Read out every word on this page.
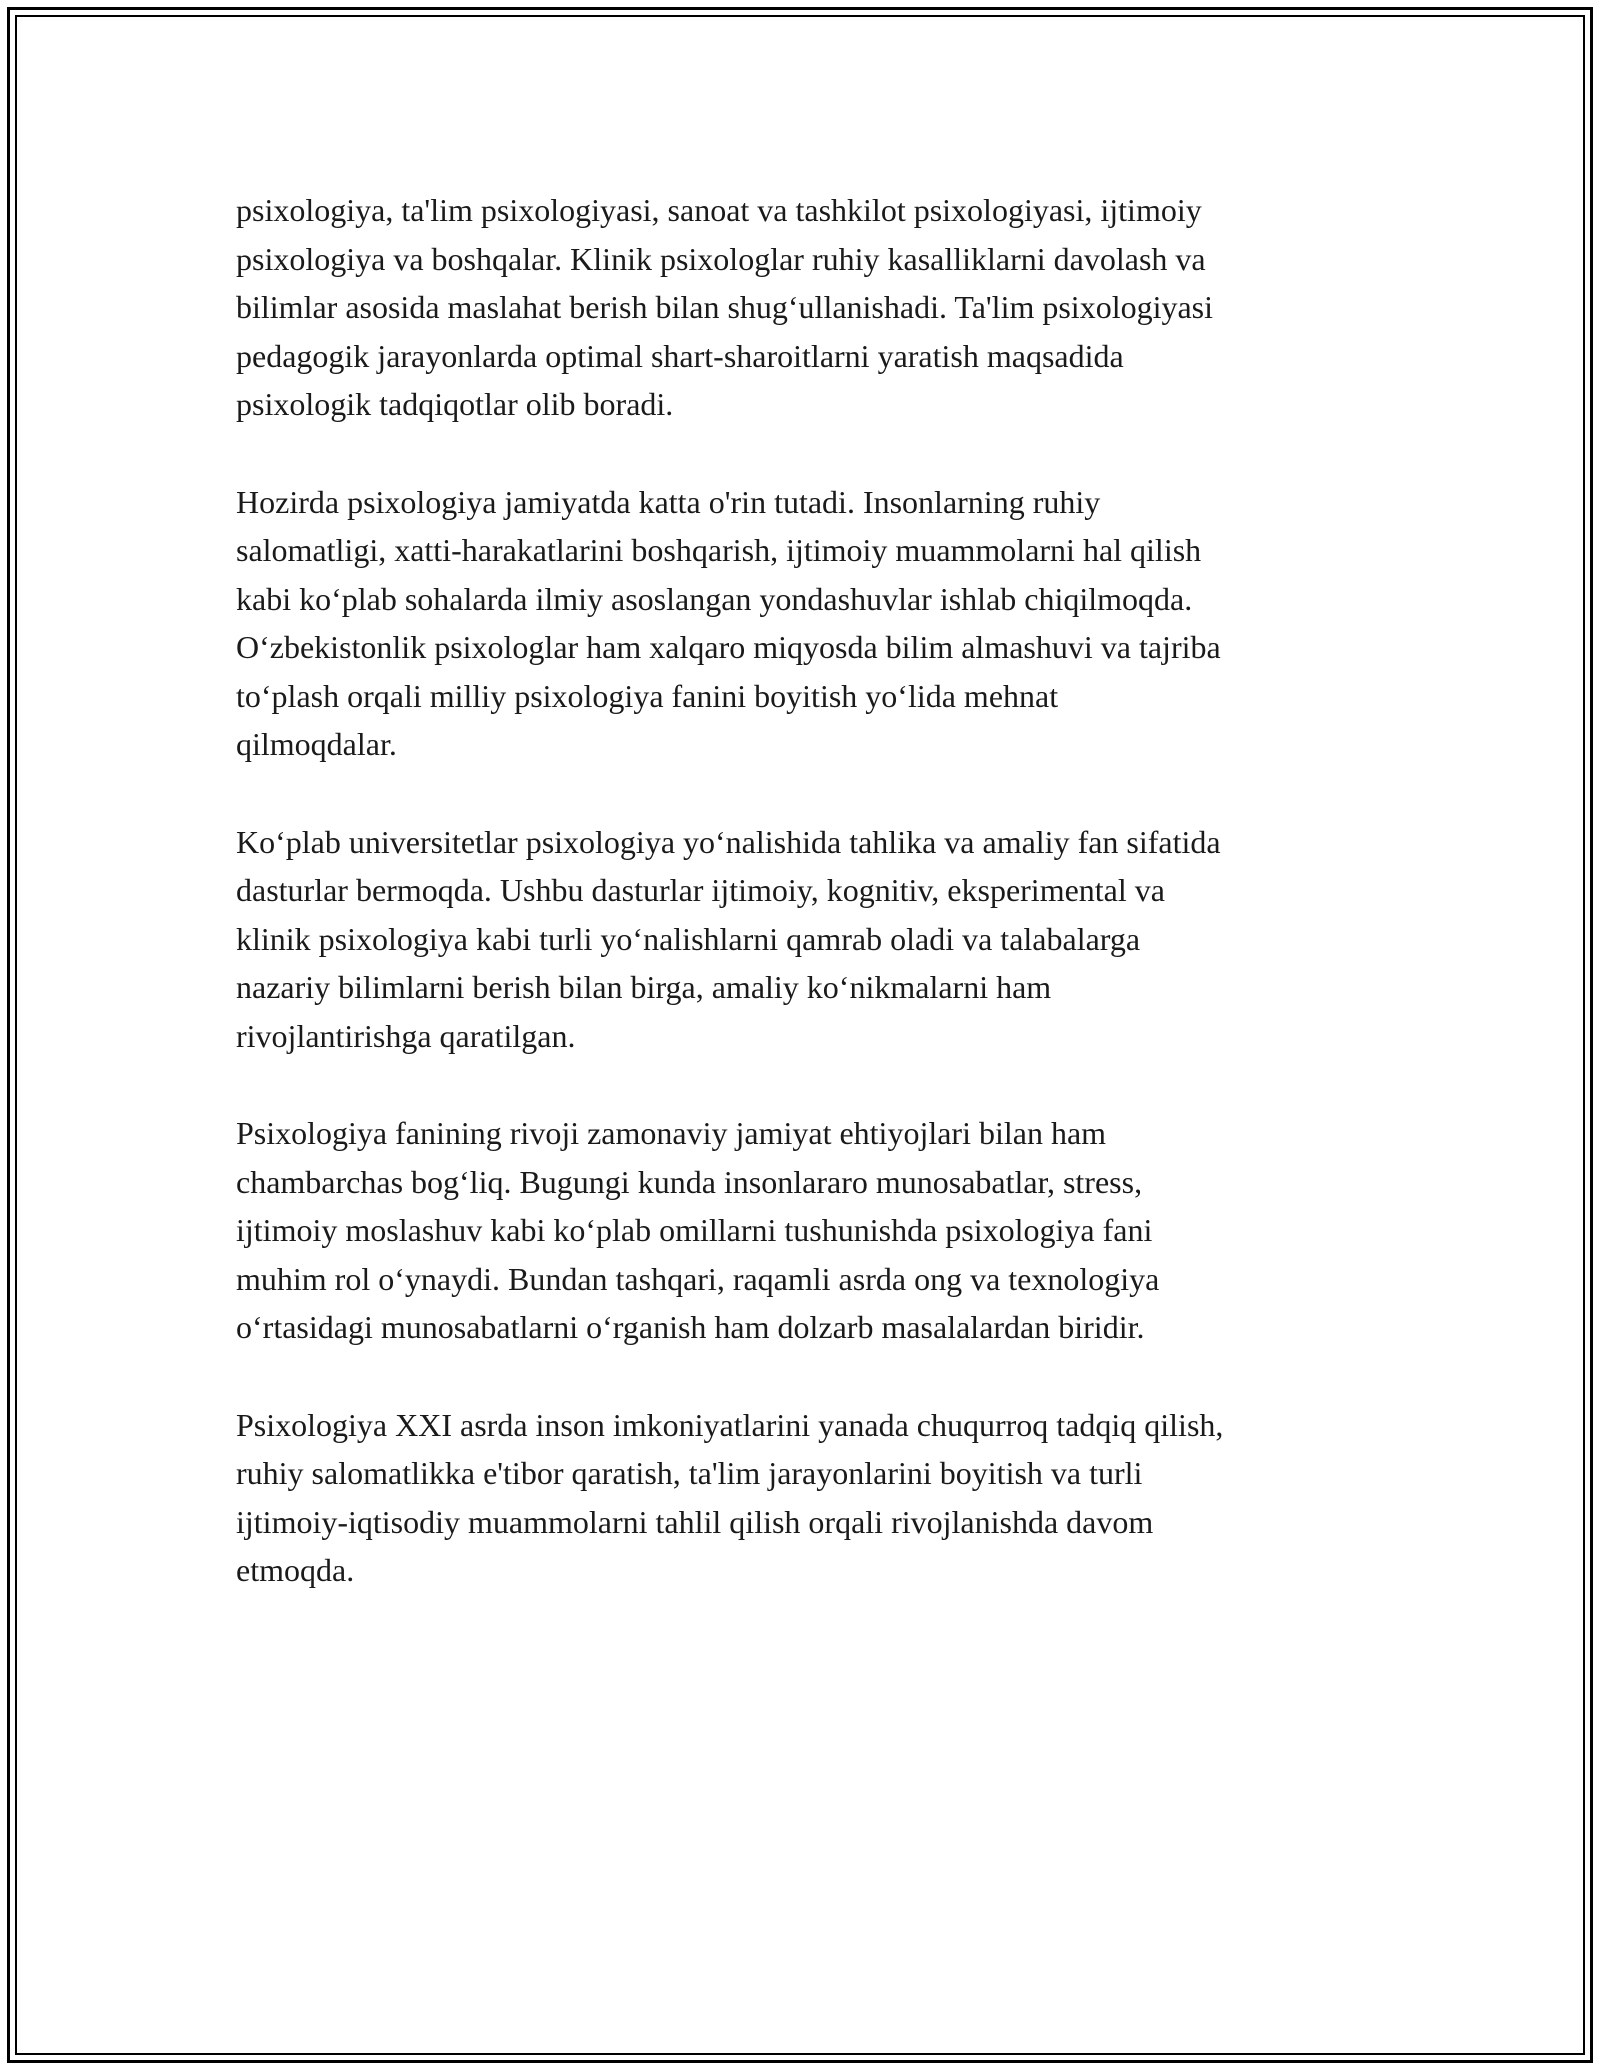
psixologiya, ta'lim psixologiyasi, sanoat va tashkilot psixologiyasi, ijtimoiy
psixologiya va boshqalar. Klinik psixologlar ruhiy kasalliklarni davolash va
bilimlar asosida maslahat berish bilan shug‘ullanishadi. Ta'lim psixologiyasi
pedagogik jarayonlarda optimal shart-sharoitlarni yaratish maqsadida
psixologik tadqiqotlar olib boradi.

Hozirda psixologiya jamiyatda katta o'rin tutadi. Insonlarning ruhiy
salomatligi, xatti-harakatlarini boshqarish, ijtimoiy muammolarni hal qilish
kabi ko‘plab sohalarda ilmiy asoslangan yondashuvlar ishlab chiqilmoqda.
O‘zbekistonlik psixologlar ham xalqaro miqyosda bilim almashuvi va tajriba
to‘plash orqali milliy psixologiya fanini boyitish yo‘lida mehnat
qilmoqdalar.

Ko‘plab universitetlar psixologiya yo‘nalishida tahlika va amaliy fan sifatida
dasturlar bermoqda. Ushbu dasturlar ijtimoiy, kognitiv, eksperimental va
klinik psixologiya kabi turli yo‘nalishlarni qamrab oladi va talabalarga
nazariy bilimlarni berish bilan birga, amaliy ko‘nikmalarni ham
rivojlantirishga qaratilgan.

Psixologiya fanining rivoji zamonaviy jamiyat ehtiyojlari bilan ham
chambarchas bog‘liq. Bugungi kunda insonlararo munosabatlar, stress,
ijtimoiy moslashuv kabi ko‘plab omillarni tushunishda psixologiya fani
muhim rol o‘ynaydi. Bundan tashqari, raqamli asrda ong va texnologiya
o‘rtasidagi munosabatlarni o‘rganish ham dolzarb masalalardan biridir.

Psixologiya XXI asrda inson imkoniyatlarini yanada chuqurroq tadqiq qilish,
ruhiy salomatlikka e'tibor qaratish, ta'lim jarayonlarini boyitish va turli
ijtimoiy-iqtisodiy muammolarni tahlil qilish orqali rivojlanishda davom
etmoqda.
